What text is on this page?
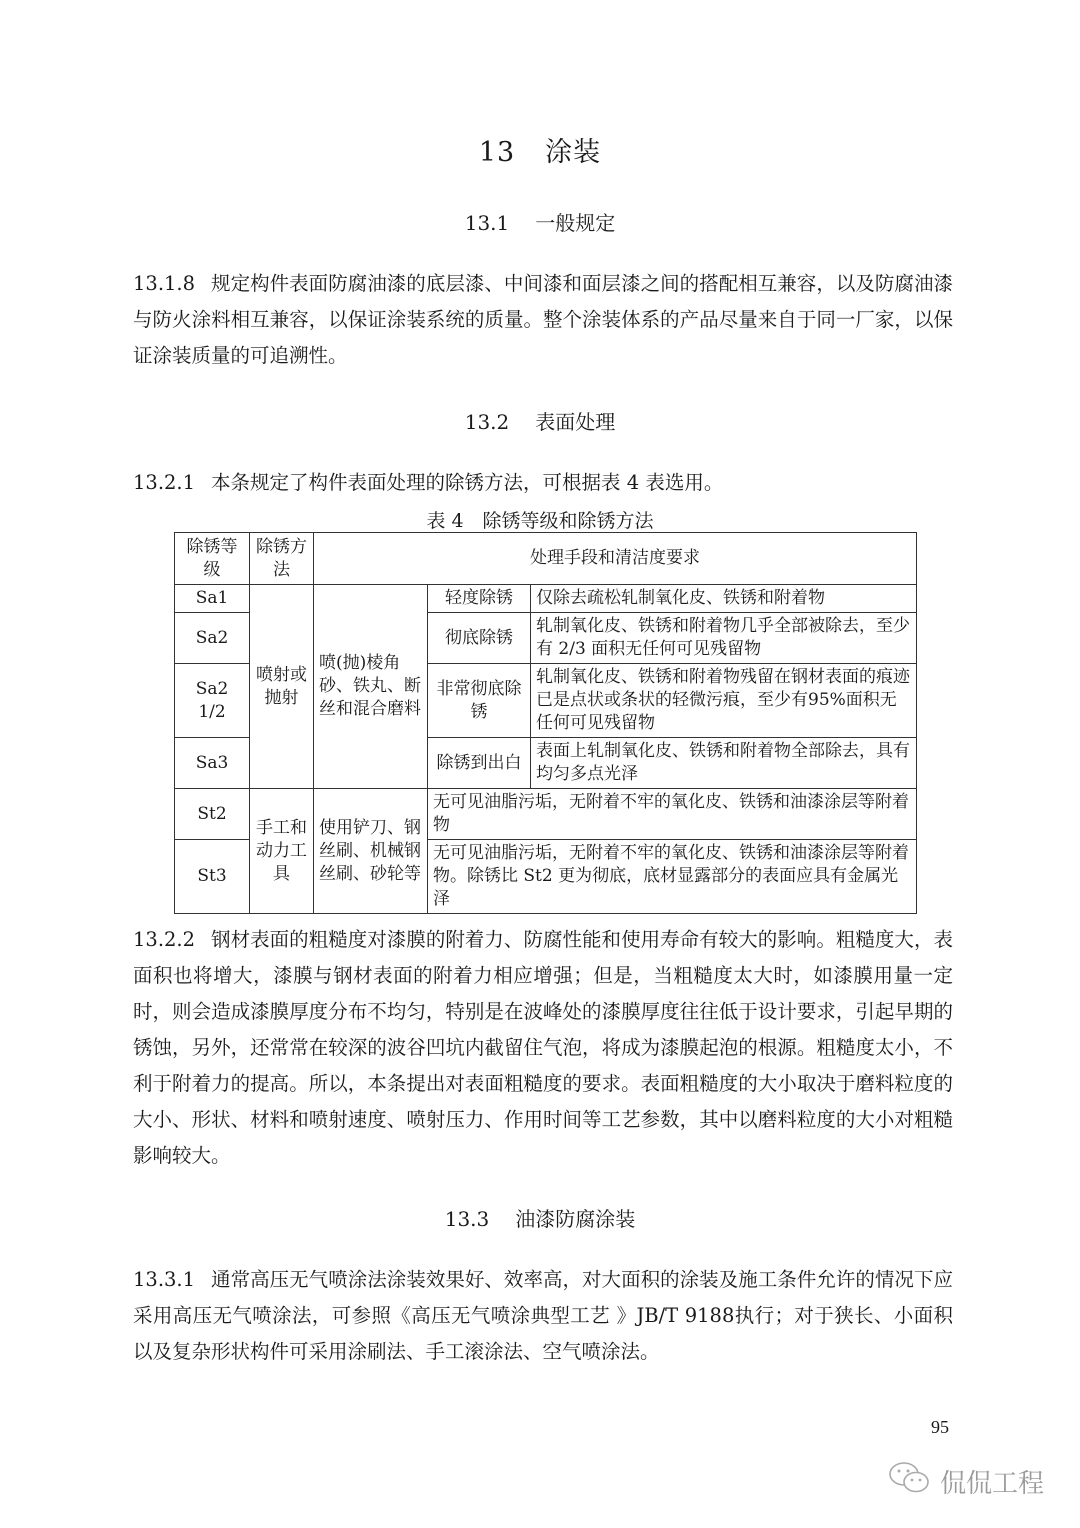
13 涂装
13.1 一般规定
13.1.8 规定构件表面防腐油漆的底层漆、中间漆和面层漆之间的搭配相互兼容，以及防腐油漆与防火涂料相互兼容，以保证涂装系统的质量。整个涂装体系的产品尽量来自于同一厂家，以保证涂装质量的可追溯性。
13.2 表面处理
13.2.1 本条规定了构件表面处理的除锈方法，可根据表 4 表选用。
表 4　除锈等级和除锈方法
除锈等级	除锈方法	处理手段和清洁度要求		
Sa1	喷射或抛射	喷(抛)棱角砂、铁丸、断丝和混合磨料	轻度除锈	仅除去疏松轧制氧化皮、铁锈和附着物
Sa2			彻底除锈	轧制氧化皮、铁锈和附着物几乎全部被除去，至少有 2/3 面积无任何可见残留物
Sa2 1/2			非常彻底除锈	轧制氧化皮、铁锈和附着物残留在钢材表面的痕迹已是点状或条状的轻微污痕，至少有95%面积无任何可见残留物
Sa3			除锈到出白	表面上轧制氧化皮、铁锈和附着物全部除去，具有均匀多点光泽
St2	手工和动力工具	使用铲刀、钢丝刷、机械钢丝刷、砂轮等	无可见油脂污垢，无附着不牢的氧化皮、铁锈和油漆涂层等附着物	
St3			无可见油脂污垢，无附着不牢的氧化皮、铁锈和油漆涂层等附着物。除锈比 St2 更为彻底，底材显露部分的表面应具有金属光泽	
13.2.2 钢材表面的粗糙度对漆膜的附着力、防腐性能和使用寿命有较大的影响。粗糙度大，表面积也将增大，漆膜与钢材表面的附着力相应增强；但是，当粗糙度太大时，如漆膜用量一定时，则会造成漆膜厚度分布不均匀，特别是在波峰处的漆膜厚度往往低于设计要求，引起早期的锈蚀，另外，还常常在较深的波谷凹坑内截留住气泡，将成为漆膜起泡的根源。粗糙度太小，不利于附着力的提高。所以，本条提出对表面粗糙度的要求。表面粗糙度的大小取决于磨料粒度的大小、形状、材料和喷射速度、喷射压力、作用时间等工艺参数，其中以磨料粒度的大小对粗糙影响较大。
13.3 油漆防腐涂装
13.3.1 通常高压无气喷涂法涂装效果好、效率高，对大面积的涂装及施工条件允许的情况下应采用高压无气喷涂法，可参照《高压无气喷涂典型工艺 》JB/T 9188执行；对于狭长、小面积以及复杂形状构件可采用涂刷法、手工滚涂法、空气喷涂法。
95
侃侃工程
